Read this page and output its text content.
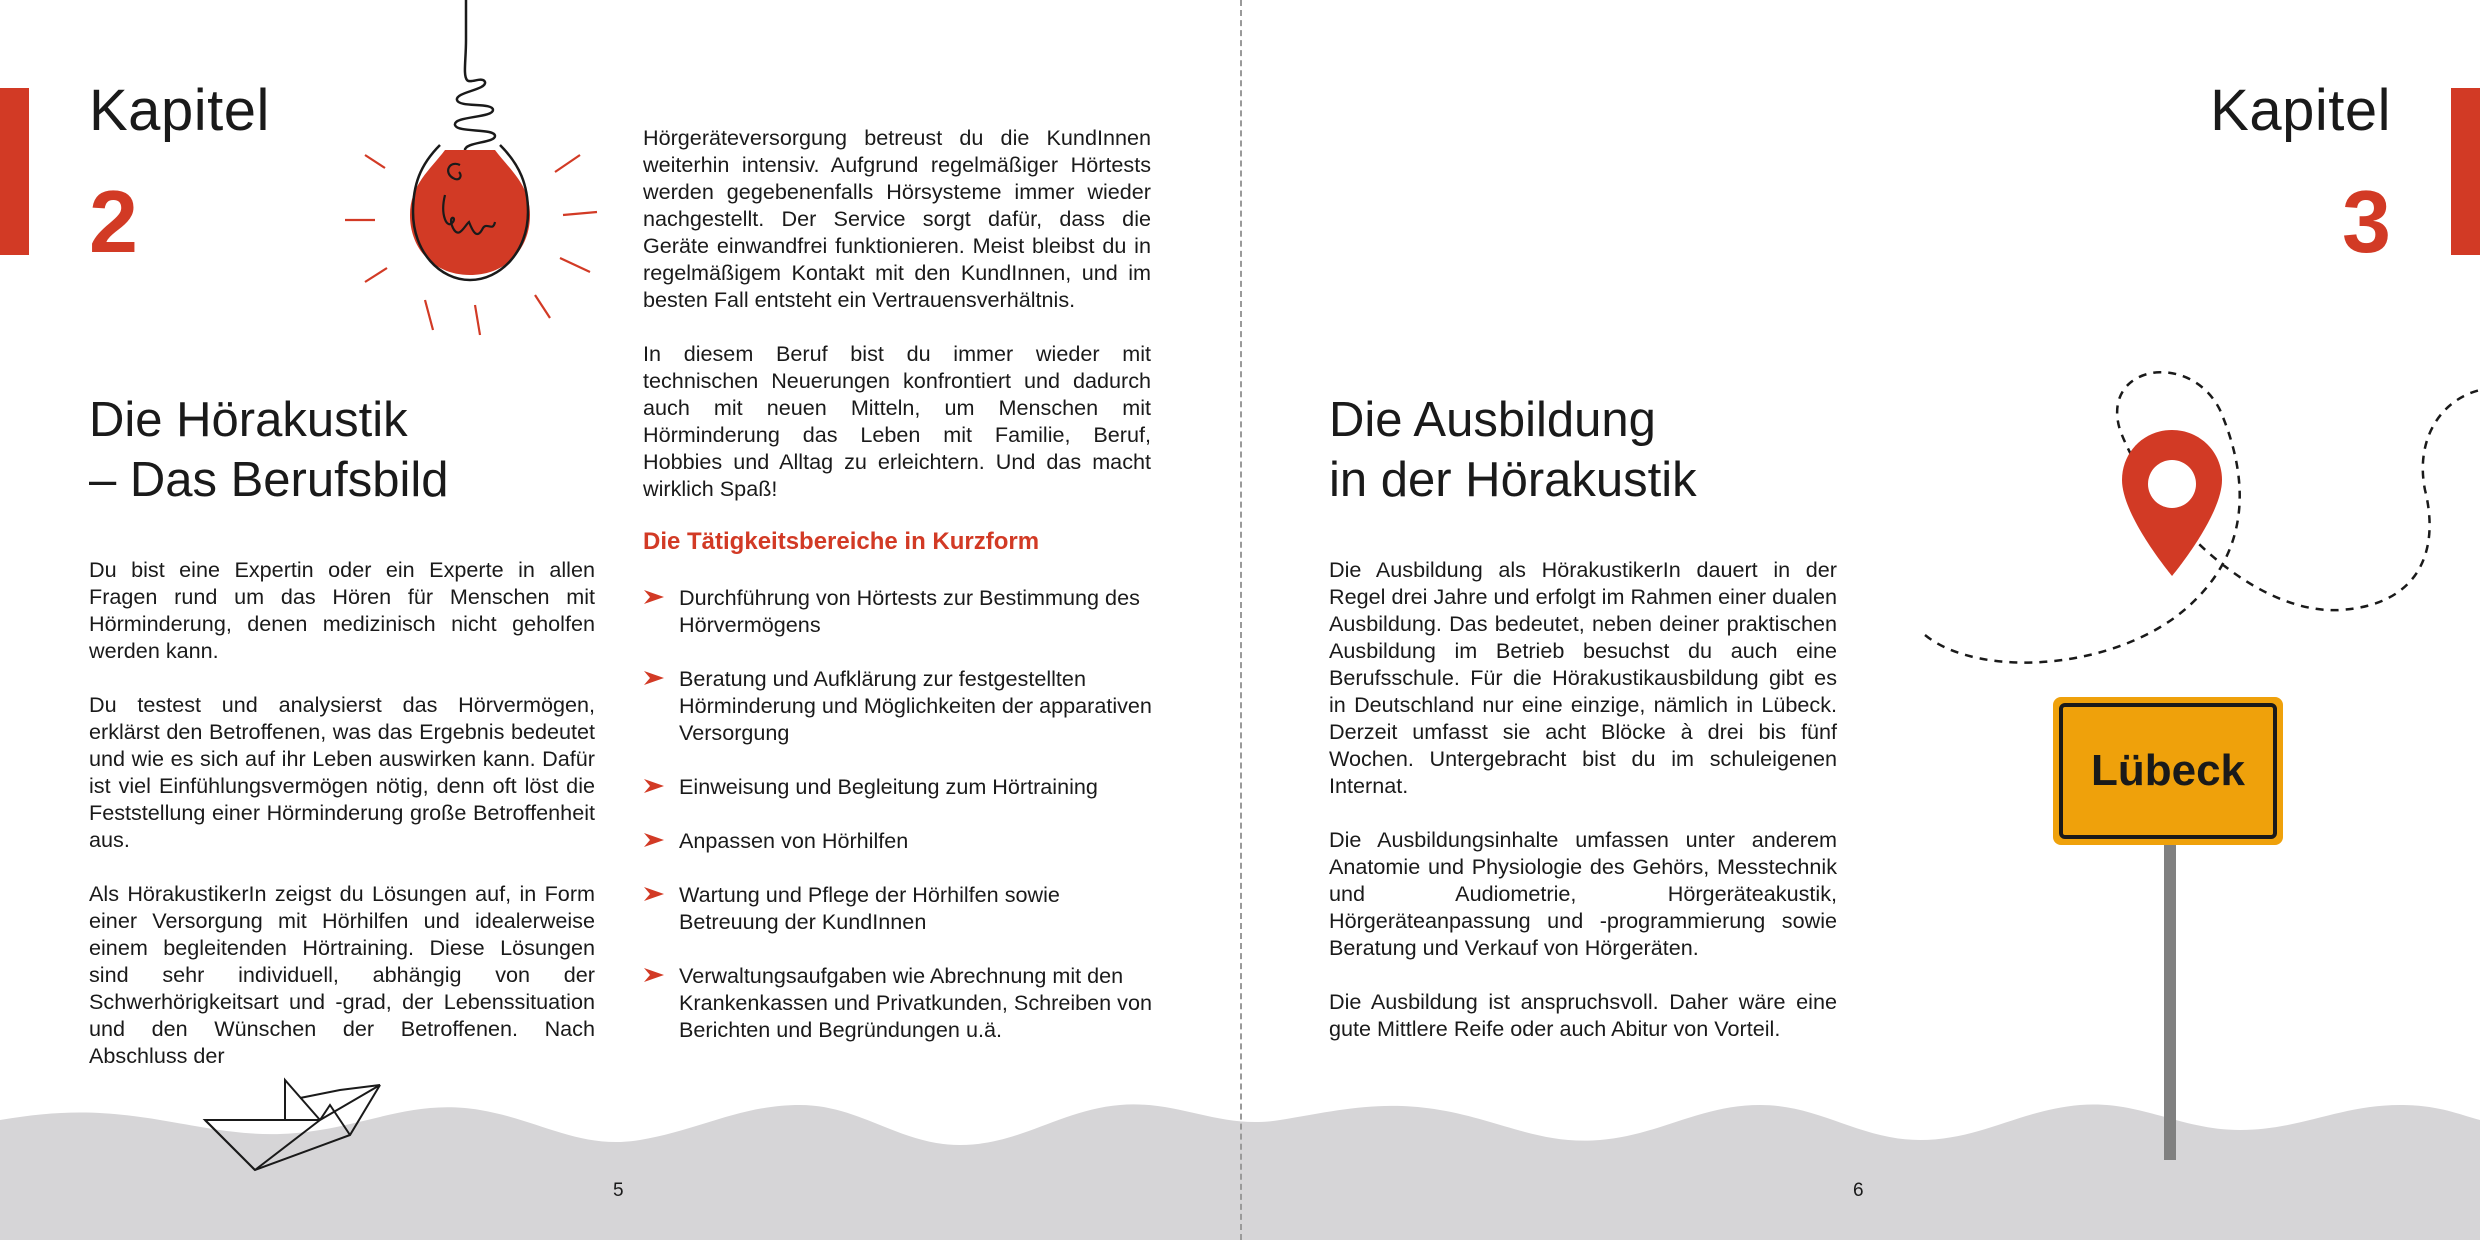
Kapitel
2
Die Hörakustik
– Das Berufsbild

Du bist eine Expertin oder ein Experte in allen Fragen rund um das Hören für Menschen mit Hörminderung, denen medizinisch nicht geholfen werden kann.

Du testest und analysierst das Hörvermögen, erklärst den Betroffenen, was das Ergebnis bedeutet und wie es sich auf ihr Leben auswirken kann. Dafür ist viel Einfühlungsvermögen nötig, denn oft löst die Feststellung einer Hörminderung große Betroffenheit aus.

Als HörakustikerIn zeigst du Lösungen auf, in Form einer Versorgung mit Hörhilfen und idealerweise einem begleitenden Hörtraining. Diese Lösungen sind sehr individuell, abhängig von der Schwerhörigkeitsart und -grad, der Lebenssituation und den Wünschen der Betroffenen. Nach Abschluss der

Hörgeräteversorgung betreust du die KundInnen weiterhin intensiv. Aufgrund regelmäßiger Hörtests werden gegebenenfalls Hörsysteme immer wieder nachgestellt. Der Service sorgt dafür, dass die Geräte einwandfrei funktionieren. Meist bleibst du in regelmäßigem Kontakt mit den KundInnen, und im besten Fall entsteht ein Vertrauensverhältnis.

In diesem Beruf bist du immer wieder mit technischen Neuerungen konfrontiert und dadurch auch mit neuen Mitteln, um Menschen mit Hörminderung das Leben mit Familie, Beruf, Hobbies und Alltag zu erleichtern. Und das macht wirklich Spaß!

Die Tätigkeitsbereiche in Kurzform
Durchführung von Hörtests zur Bestimmung des Hörvermögens
Beratung und Aufklärung zur festgestellten Hörminderung und Möglichkeiten der apparativen Versorgung
Einweisung und Begleitung zum Hörtraining
Anpassen von Hörhilfen
Wartung und Pflege der Hörhilfen sowie Betreuung der KundInnen
Verwaltungsaufgaben wie Abrechnung mit den Krankenkassen und Privatkunden, Schreiben von Berichten und Begründungen u.ä.
5
Kapitel
3
Die Ausbildung
in der Hörakustik

Die Ausbildung als HörakustikerIn dauert in der Regel drei Jahre und erfolgt im Rahmen einer dualen Ausbildung. Das bedeutet, neben deiner praktischen Ausbildung im Betrieb besuchst du auch eine Berufsschule. Für die Hörakustikausbildung gibt es in Deutschland nur eine einzige, nämlich in Lübeck. Derzeit umfasst sie acht Blöcke à drei bis fünf Wochen. Untergebracht bist du im schuleigenen Internat.

Die Ausbildungsinhalte umfassen unter anderem Anatomie und Physiologie des Gehörs, Messtechnik und Audiometrie, Hörgeräteakustik, Hörgeräteanpassung und -programmierung sowie Beratung und Verkauf von Hörgeräten.

Die Ausbildung ist anspruchsvoll. Daher wäre eine gute Mittlere Reife oder auch Abitur von Vorteil.

Lübeck
6
